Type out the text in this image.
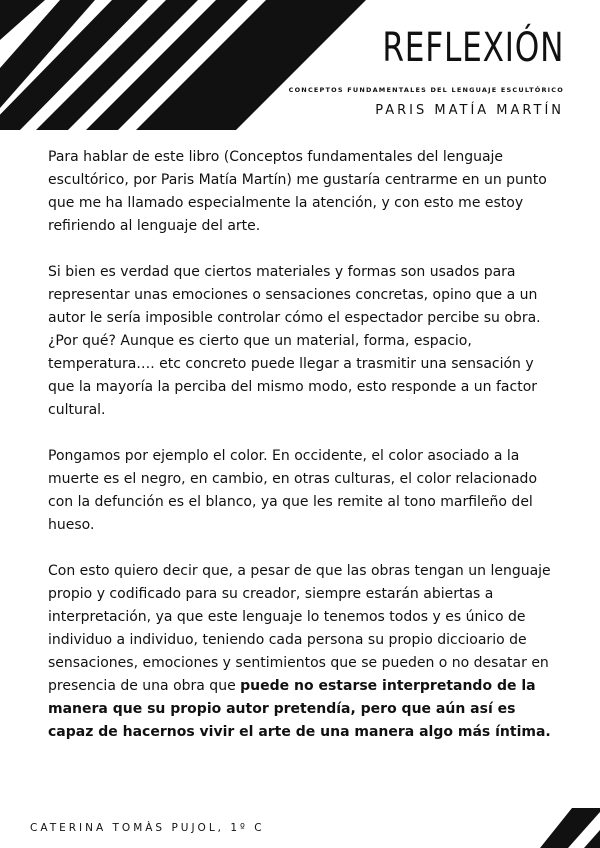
REFLEXIÓN
CONCEPTOS FUNDAMENTALES DEL LENGUAJE ESCULTÓRICO
PARIS MATÍA MARTÍN

Para hablar de este libro (Conceptos fundamentales del lenguaje escultórico, por Paris Matía Martín) me gustaría centrarme en un punto que me ha llamado especialmente la atención, y con esto me estoy refiriendo al lenguaje del arte.

Si bien es verdad que ciertos materiales y formas son usados para representar unas emociones o sensaciones concretas, opino que a un autor le sería imposible controlar cómo el espectador percibe su obra. ¿Por qué? Aunque es cierto que un material, forma, espacio, temperatura…. etc concreto puede llegar a trasmitir una sensación y que la mayoría la perciba del mismo modo, esto responde a un factor cultural.

Pongamos por ejemplo el color. En occidente, el color asociado a la muerte es el negro, en cambio, en otras culturas, el color relacionado con la defunción es el blanco, ya que les remite al tono marfileño del hueso.

Con esto quiero decir que, a pesar de que las obras tengan un lenguaje propio y codificado para su creador, siempre estarán abiertas a interpretación, ya que este lenguaje lo tenemos todos y es único de individuo a individuo, teniendo cada persona su propio diccioario de sensaciones, emociones y sentimientos que se pueden o no desatar en presencia de una obra que puede no estarse interpretando de la manera que su propio autor pretendía, pero que aún así es capaz de hacernos vivir el arte de una manera algo más íntima.

CATERINA TOMÀS PUJOL, 1º C
